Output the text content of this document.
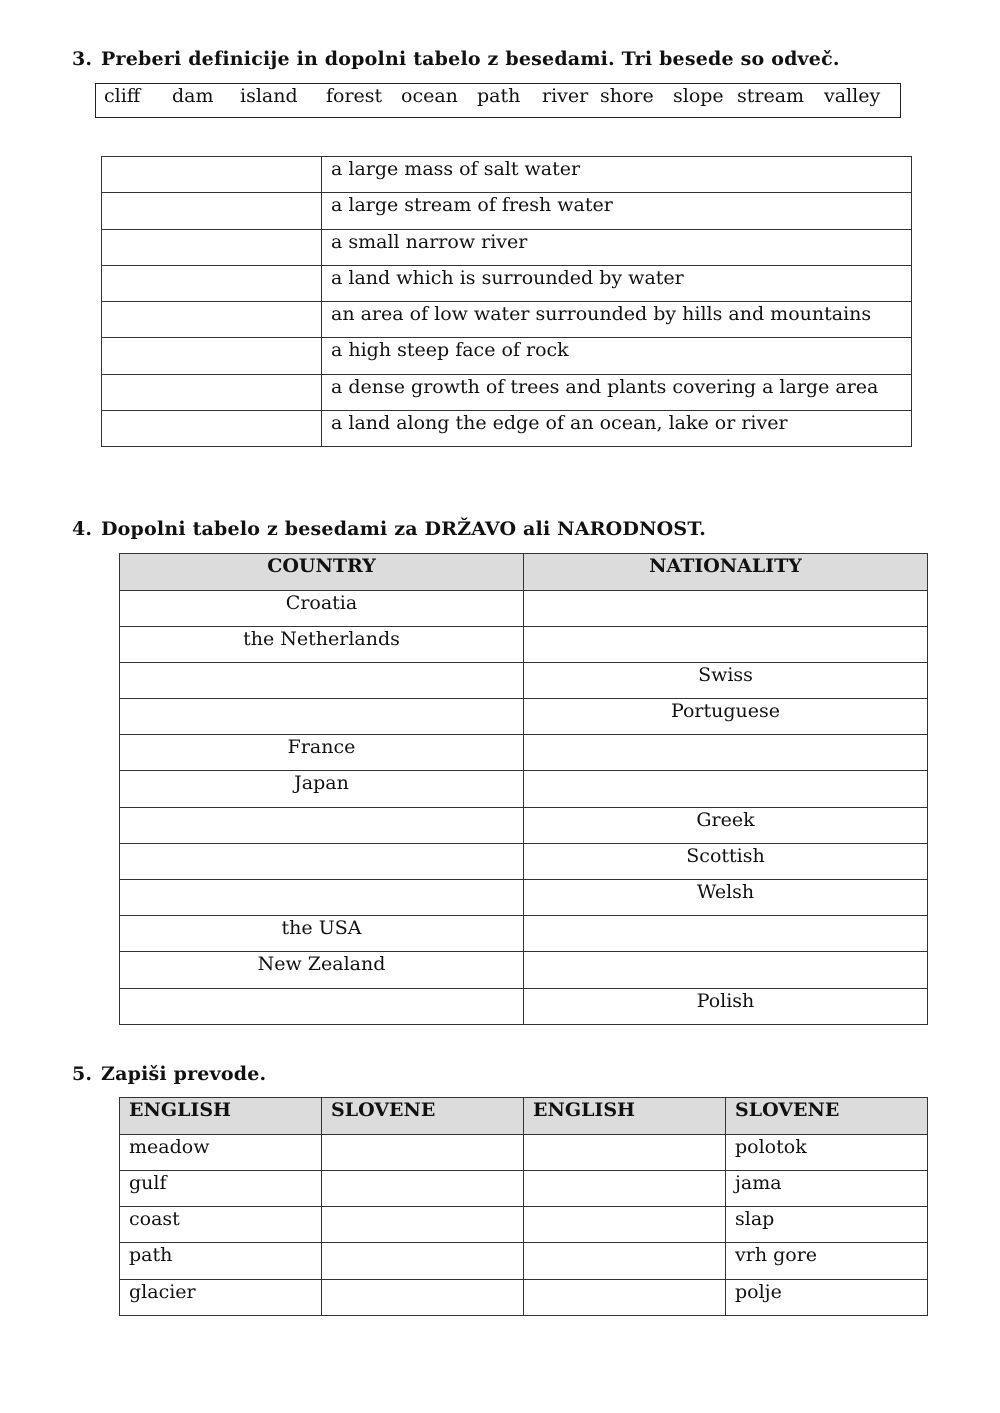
3. Preberi definicije in dopolni tabelo z besedami. Tri besede so odveč.
cliff dam island forest ocean path river shore slope stream valley
	a large mass of salt water
	a large stream of fresh water
	a small narrow river
	a land which is surrounded by water
	an area of low water surrounded by hills and mountains
	a high steep face of rock
	a dense growth of trees and plants covering a large area
	a land along the edge of an ocean, lake or river
4. Dopolni tabelo z besedami za DRŽAVO ali NARODNOST.
COUNTRY	NATIONALITY
Croatia	
the Netherlands	
	Swiss
	Portuguese
France	
Japan	
	Greek
	Scottish
	Welsh
the USA	
New Zealand	
	Polish
5. Zapiši prevode.
ENGLISH	SLOVENE	ENGLISH	SLOVENE
meadow			polotok
gulf			jama
coast			slap
path			vrh gore
glacier			polje
